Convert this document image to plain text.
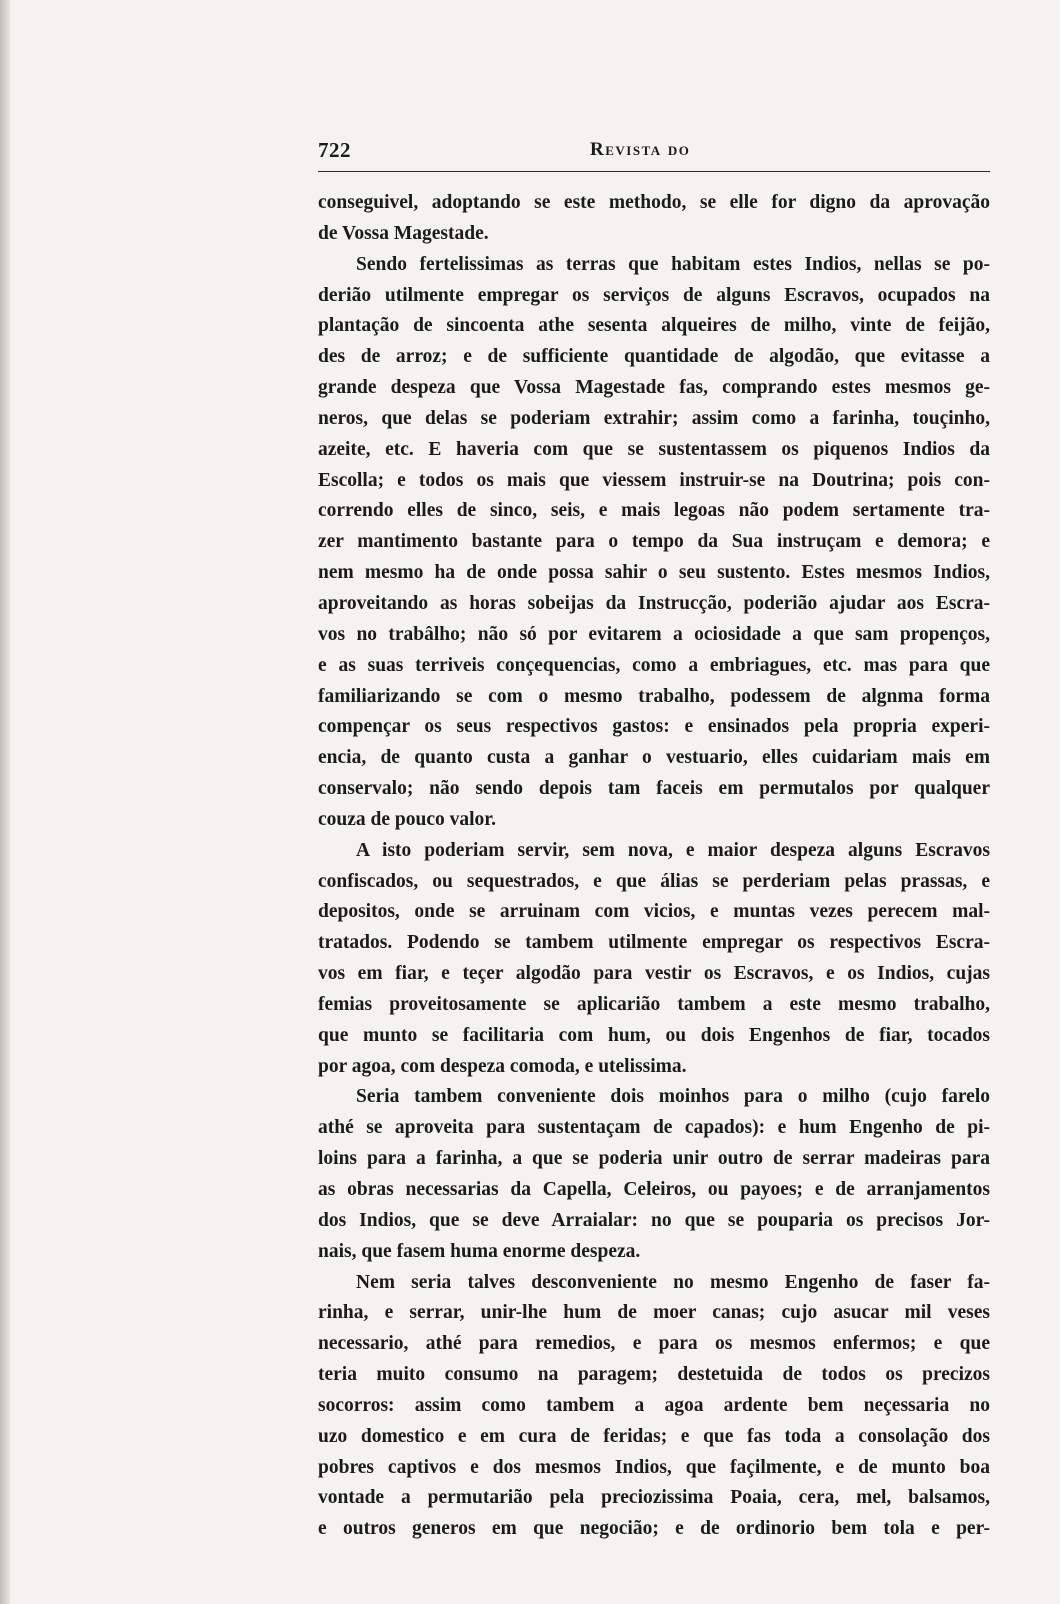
722	Revista do
conseguivel, adoptando se este methodo, se elle for digno da aprovação
de Vossa Magestade.
Sendo fertelissimas as terras que habitam estes Indios, nellas se po-
derião utilmente empregar os serviços de alguns Escravos, ocupados na
plantação de sincoenta athe sesenta alqueires de milho, vinte de feijão,
des de arroz; e de sufficiente quantidade de algodão, que evitasse a
grande despeza que Vossa Magestade fas, comprando estes mesmos ge-
neros, que delas se poderiam extrahir; assim como a farinha, touçinho,
azeite, etc. E haveria com que se sustentassem os piquenos Indios da
Escolla; e todos os mais que viessem instruir-se na Doutrina; pois con-
correndo elles de sinco, seis, e mais legoas não podem sertamente tra-
zer mantimento bastante para o tempo da Sua instruçam e demora; e
nem mesmo ha de onde possa sahir o seu sustento. Estes mesmos Indios,
aproveitando as horas sobeijas da Instrucção, poderião ajudar aos Escra-
vos no trabâlho; não só por evitarem a ociosidade a que sam propenços,
e as suas terriveis conçequencias, como a embriagues, etc. mas para que
familiarizando se com o mesmo trabalho, podessem de algnma forma
compençar os seus respectivos gastos: e ensinados pela propria experi-
encia, de quanto custa a ganhar o vestuario, elles cuidariam mais em
conservalo; não sendo depois tam faceis em permutalos por qualquer
couza de pouco valor.
A isto poderiam servir, sem nova, e maior despeza alguns Escravos
confiscados, ou sequestrados, e que álias se perderiam pelas prassas, e
depositos, onde se arruinam com vicios, e muntas vezes perecem mal-
tratados. Podendo se tambem utilmente empregar os respectivos Escra-
vos em fiar, e teçer algodão para vestir os Escravos, e os Indios, cujas
femias proveitosamente se aplicarião tambem a este mesmo trabalho,
que munto se facilitaria com hum, ou dois Engenhos de fiar, tocados
por agoa, com despeza comoda, e utelissima.
Seria tambem conveniente dois moinhos para o milho (cujo farelo
athé se aproveita para sustentaçam de capados): e hum Engenho de pi-
loins para a farinha, a que se poderia unir outro de serrar madeiras para
as obras necessarias da Capella, Celeiros, ou payoes; e de arranjamentos
dos Indios, que se deve Arraialar: no que se pouparia os precisos Jor-
nais, que fasem huma enorme despeza.
Nem seria talves desconveniente no mesmo Engenho de faser fa-
rinha, e serrar, unir-lhe hum de moer canas; cujo asucar mil veses
necessario, athé para remedios, e para os mesmos enfermos; e que
teria muito consumo na paragem; destetuida de todos os precizos
socorros: assim como tambem a agoa ardente bem neçessaria no
uzo domestico e em cura de feridas; e que fas toda a consolação dos
pobres captivos e dos mesmos Indios, que façilmente, e de munto boa
vontade a permutarião pela preciozissima Poaia, cera, mel, balsamos,
e outros generos em que negocião; e de ordinorio bem tola e per-
